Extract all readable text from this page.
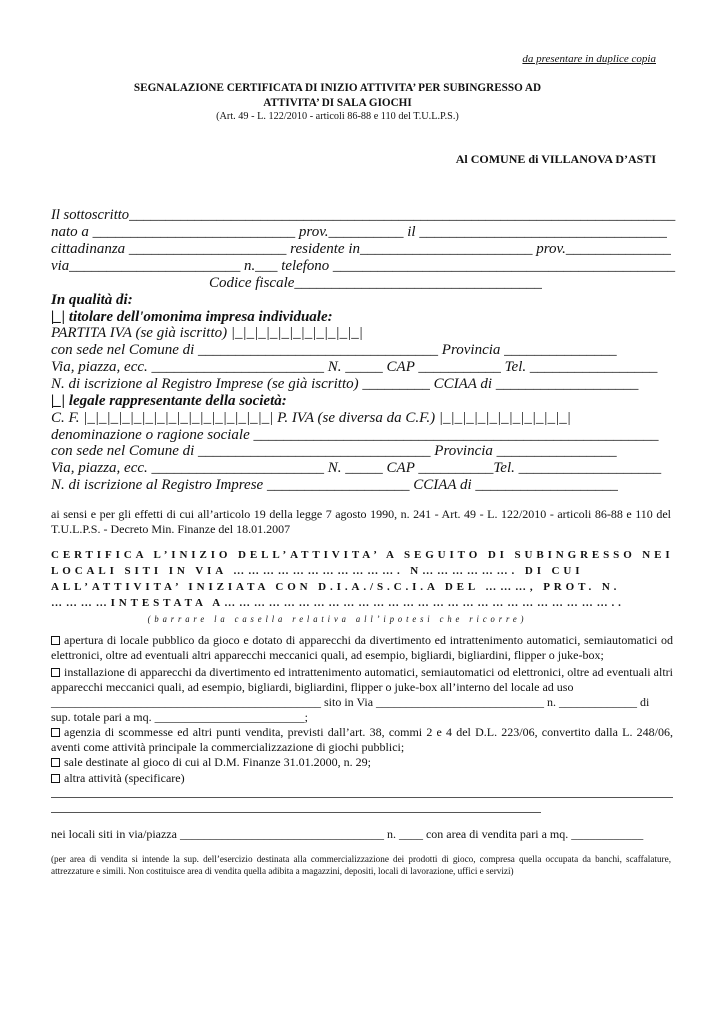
da presentare in duplice copia
SEGNALAZIONE CERTIFICATA DI INIZIO ATTIVITA’ PER SUBINGRESSO AD
ATTIVITA’ DI SALA GIOCHI
(Art. 49 - L. 122/2010 - articoli 86-88 e 110 del T.U.L.P.S.)
Al COMUNE di VILLANOVA D’ASTI
Il sottoscritto___________________________________________________________________________
nato a ___________________________ prov.__________ il _________________________________
cittadinanza _____________________ residente in_______________________ prov.______________
via_______________________ n.___ telefono ______________________________________________
Codice fiscale_________________________________
In qualità di:
|_| titolare dell'omonima impresa individuale:
PARTITA IVA (se già iscritto) |_|_|_|_|_|_|_|_|_|_|_|
con sede nel Comune di ________________________________ Provincia _______________
Via, piazza, ecc. _______________________ N. _____ CAP ___________ Tel. _________________
N. di iscrizione al Registro Imprese (se già iscritto) _________ CCIAA di ___________________
|_| legale rappresentante della società:
C. F. |_|_|_|_|_|_|_|_|_|_|_|_|_|_|_|_| P. IVA (se diversa da C.F.) |_|_|_|_|_|_|_|_|_|_|_|
denominazione o ragione sociale ______________________________________________________
con sede nel Comune di _______________________________ Provincia ________________
Via, piazza, ecc. _______________________ N. _____ CAP __________Tel. ___________________
N. di iscrizione al Registro Imprese ___________________ CCIAA di ___________________
ai sensi e per gli effetti di cui all’articolo 19 della legge 7 agosto 1990, n. 241 - Art. 49 - L. 122/2010 - articoli 86-88 e 110 del T.U.L.P.S. - Decreto Min. Finanze del 18.01.2007
CERTIFICA L’INIZIO DELL’ATTIVITA’ A SEGUITO DI SUBINGRESSO NEI
LOCALI SITI IN VIA ……………………………. N………………. DI CUI
ALL’ATTIVITA’ INIZIATA CON D.I.A./S.C.I.A DEL ………, PROT. N.
…………INTESTATA A……………………………………………………………………..
(barrare la casella relativa all’ipotesi che ricorre)
apertura di locale pubblico da gioco e dotato di apparecchi da divertimento ed intrattenimento automatici, semiautomatici od elettronici, oltre ad eventuali altri apparecchi meccanici quali, ad esempio, bigliardi, bigliardini, flipper o juke-box;
installazione di apparecchi da divertimento ed intrattenimento automatici, semiautomatici od elettronici, oltre ad eventuali altri apparecchi meccanici quali, ad esempio, bigliardi, bigliardini, flipper o juke-box all’interno del locale ad uso
_____________________________________________ sito in Via ____________________________ n. _____________ di
sup. totale pari a mq. _________________________;
agenzia di scommesse ed altri punti vendita, previsti dall’art. 38, commi 2 e 4 del D.L. 223/06, convertito dalla L. 248/06, aventi come attività principale la commercializzazione di giochi pubblici;
sale destinate al gioco di cui al D.M. Finanze 31.01.2000, n. 29;
altra attività (specificare)
nei locali siti in via/piazza __________________________________ n. ____ con area di vendita pari a mq. ____________
(per area di vendita si intende la sup. dell’esercizio destinata alla commercializzazione dei prodotti di gioco, compresa quella occupata da banchi, scaffalature, attrezzature e simili. Non costituisce area di vendita quella adibita a magazzini, depositi, locali di lavorazione, uffici e servizi)
